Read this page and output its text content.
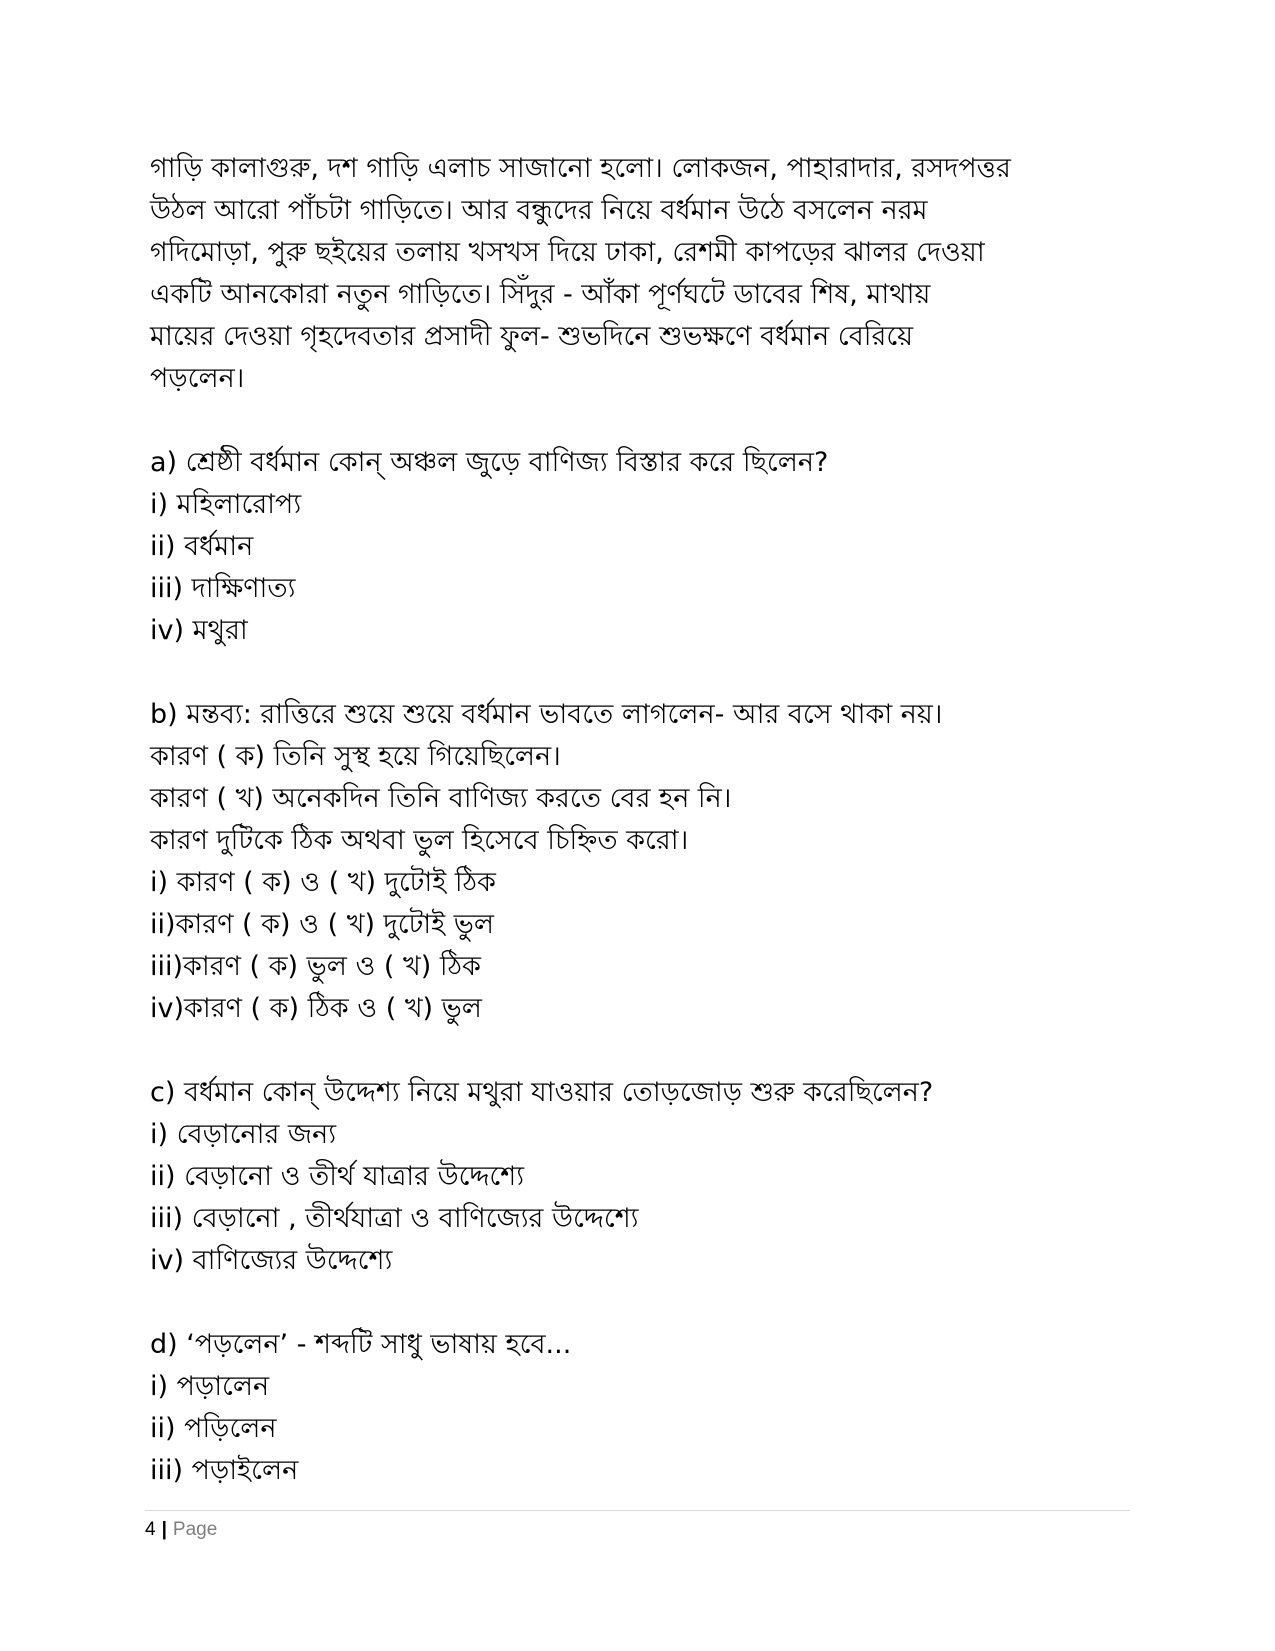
গাড়ি কালাগুরু, দশ গাড়ি এলাচ সাজানো হলো। লোকজন, পাহারাদার, রসদপত্তর
উঠল আরো পাঁচটা গাড়িতে। আর বন্ধুদের নিয়ে বর্ধমান উঠে বসলেন নরম
গদিমোড়া, পুরু ছইয়ের তলায় খসখস দিয়ে ঢাকা, রেশমী কাপড়ের ঝালর দেওয়া
একটি আনকোরা নতুন গাড়িতে। সিঁদুর - আঁকা পূর্ণঘটে ডাবের শিষ, মাথায়
মায়ের দেওয়া গৃহদেবতার প্রসাদী ফুল- শুভদিনে শুভক্ষণে বর্ধমান বেরিয়ে
পড়লেন।
a) শ্রেষ্ঠী বর্ধমান কোন্ অঞ্চল জুড়ে বাণিজ্য বিস্তার করে ছিলেন?
i) মহিলারোপ্য
ii) বর্ধমান
iii) দাক্ষিণাত্য
iv) মথুরা
b) মন্তব্য: রাত্তিরে শুয়ে শুয়ে বর্ধমান ভাবতে লাগলেন- আর বসে থাকা নয়।
কারণ ( ক) তিনি সুস্থ হয়ে গিয়েছিলেন।
কারণ ( খ) অনেকদিন তিনি বাণিজ্য করতে বের হন নি।
কারণ দুটিকে ঠিক অথবা ভুল হিসেবে চিহ্নিত করো।
i) কারণ ( ক) ও ( খ) দুটোই ঠিক
ii)কারণ ( ক) ও ( খ) দুটোই ভুল
iii)কারণ ( ক) ভুল ও ( খ) ঠিক
iv)কারণ ( ক) ঠিক ও ( খ) ভুল
c) বর্ধমান কোন্ উদ্দেশ্য নিয়ে মথুরা যাওয়ার তোড়জোড় শুরু করেছিলেন?
i) বেড়ানোর জন্য
ii) বেড়ানো ও তীর্থ যাত্রার উদ্দেশ্যে
iii) বেড়ানো , তীর্থযাত্রা ও বাণিজ্যের উদ্দেশ্যে
iv) বাণিজ্যের উদ্দেশ্যে
d) ‘পড়লেন’ - শব্দটি সাধু ভাষায় হবে...
i) পড়ালেন
ii) পড়িলেন
iii) পড়াইলেন
4 | Page
